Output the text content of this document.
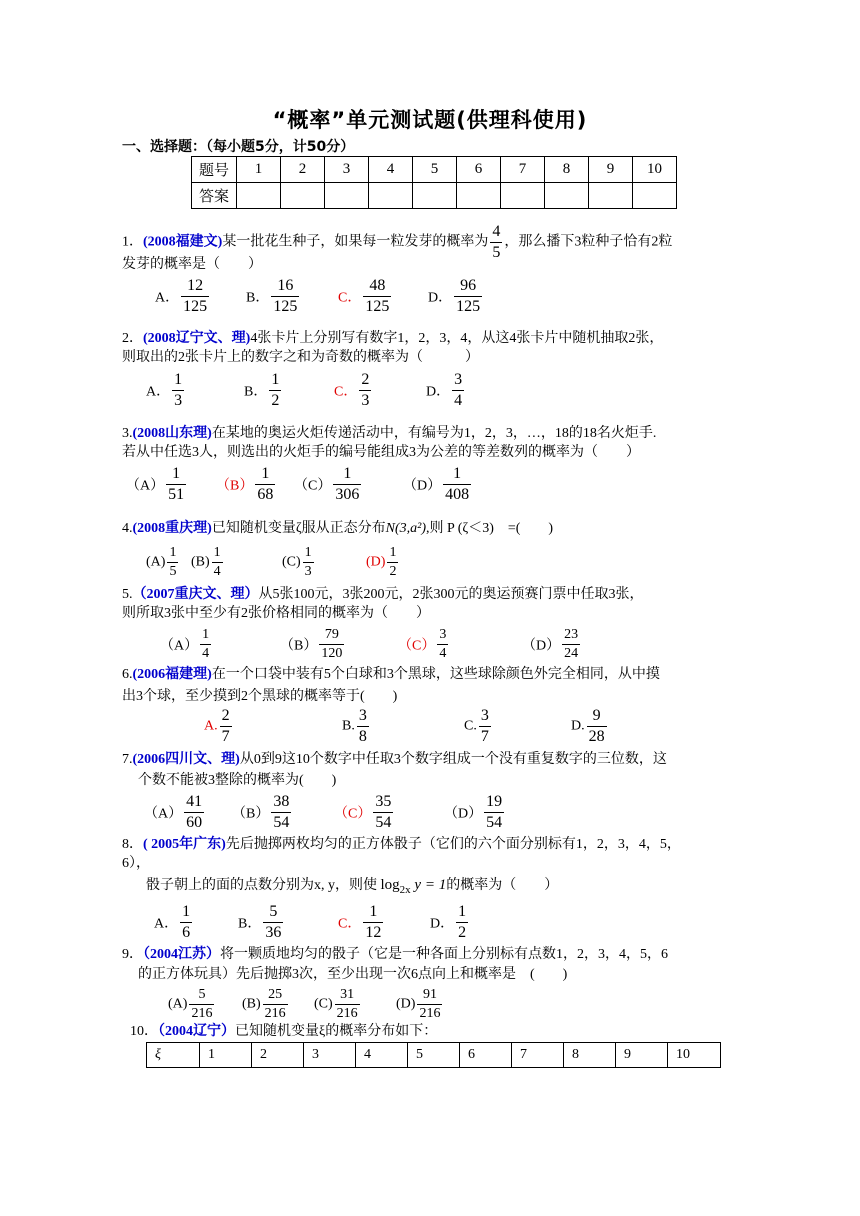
“概率”单元测试题(供理科使用)
一、选择题：（每小题5分，计50分）
题号	1	2	3	4	5	6	7	8	9	10
答案										
1．(2008福建文)某一批花生种子，如果每一粒发芽的概率为 $\frac{4}{5}$ ，那么播下3粒种子恰有2粒
发芽的概率是（　　）
A． $\frac{12}{125}$	B． $\frac{16}{125}$	C． $\frac{48}{125}$	D． $\frac{96}{125}$
2．(2008辽宁文、理)4张卡片上分别写有数字1，2，3，4，从这4张卡片中随机抽取2张，
则取出的2张卡片上的数字之和为奇数的概率为（　　　）
A． $\frac{1}{3}$	B． $\frac{1}{2}$	C． $\frac{2}{3}$	D． $\frac{3}{4}$
3.(2008山东理)在某地的奥运火炬传递活动中，有编号为1，2，3，…，18的18名火炬手.
若从中任选3人，则选出的火炬手的编号能组成3为公差的等差数列的概率为（　　）
$(A) \frac{1}{51} (B) \frac{1}{68} (C) \frac{1}{306}$	$(D) \frac{1}{408}$
4.(2008重庆理)已知随机变量ζ服从正态分布N(3,a²),则 P (ζ＜3)　=(　　)
$(A) \frac{1}{5} (B) \frac{1}{4}$	$(C) \frac{1}{3}$	$(D) \frac{1}{2}$
5.（2007重庆文、理）从5张100元，3张200元，2张300元的奥运预赛门票中任取3张，
则所取3张中至少有2张价格相同的概率为（　　）
$(A) \frac{1}{4}$	$(B) \frac{79}{120}$	$(C) \frac{3}{4}$	$(D) \frac{23}{24}$
6.(2006福建理)在一个口袋中装有5个白球和3个黑球，这些球除颜色外完全相同，从中摸
出3个球，至少摸到2个黑球的概率等于(　　)
A. $\frac{2}{7}$	B. $\frac{3}{8}$	C. $\frac{3}{7}$	D. $\frac{9}{28}$
7.(2006四川文、理)从0到9这10个数字中任取3个数字组成一个没有重复数字的三位数，这
个数不能被3整除的概率为(　　)
$(A) \frac{41}{60} (B) \frac{38}{54}$	$(C) \frac{35}{54}$	$(D) \frac{19}{54}$
8．( 2005年广东)先后抛掷两枚均匀的正方体骰子（它们的六个面分别标有1，2，3，4，5，
6），
骰子朝上的面的点数分别为x, y，则使 $\log_{2x} y = 1$的概率为（　　）
A． $\frac{1}{6}$	B． $\frac{5}{36}$	C． $\frac{1}{12}$	D． $\frac{1}{2}$
9．（2004江苏）将一颗质地均匀的骰子（它是一种各面上分别标有点数1，2，3，4，5，6
的正方体玩具）先后抛掷3次，至少出现一次6点向上和概率是　(　　)
$(A) \frac{5}{216} (B) \frac{25}{216} (C) \frac{31}{216}$	$(D) \frac{91}{216}$
10．（2004辽宁）已知随机变量ξ的概率分布如下：
ξ	1	2	3	4	5	6	7	8	9	10
